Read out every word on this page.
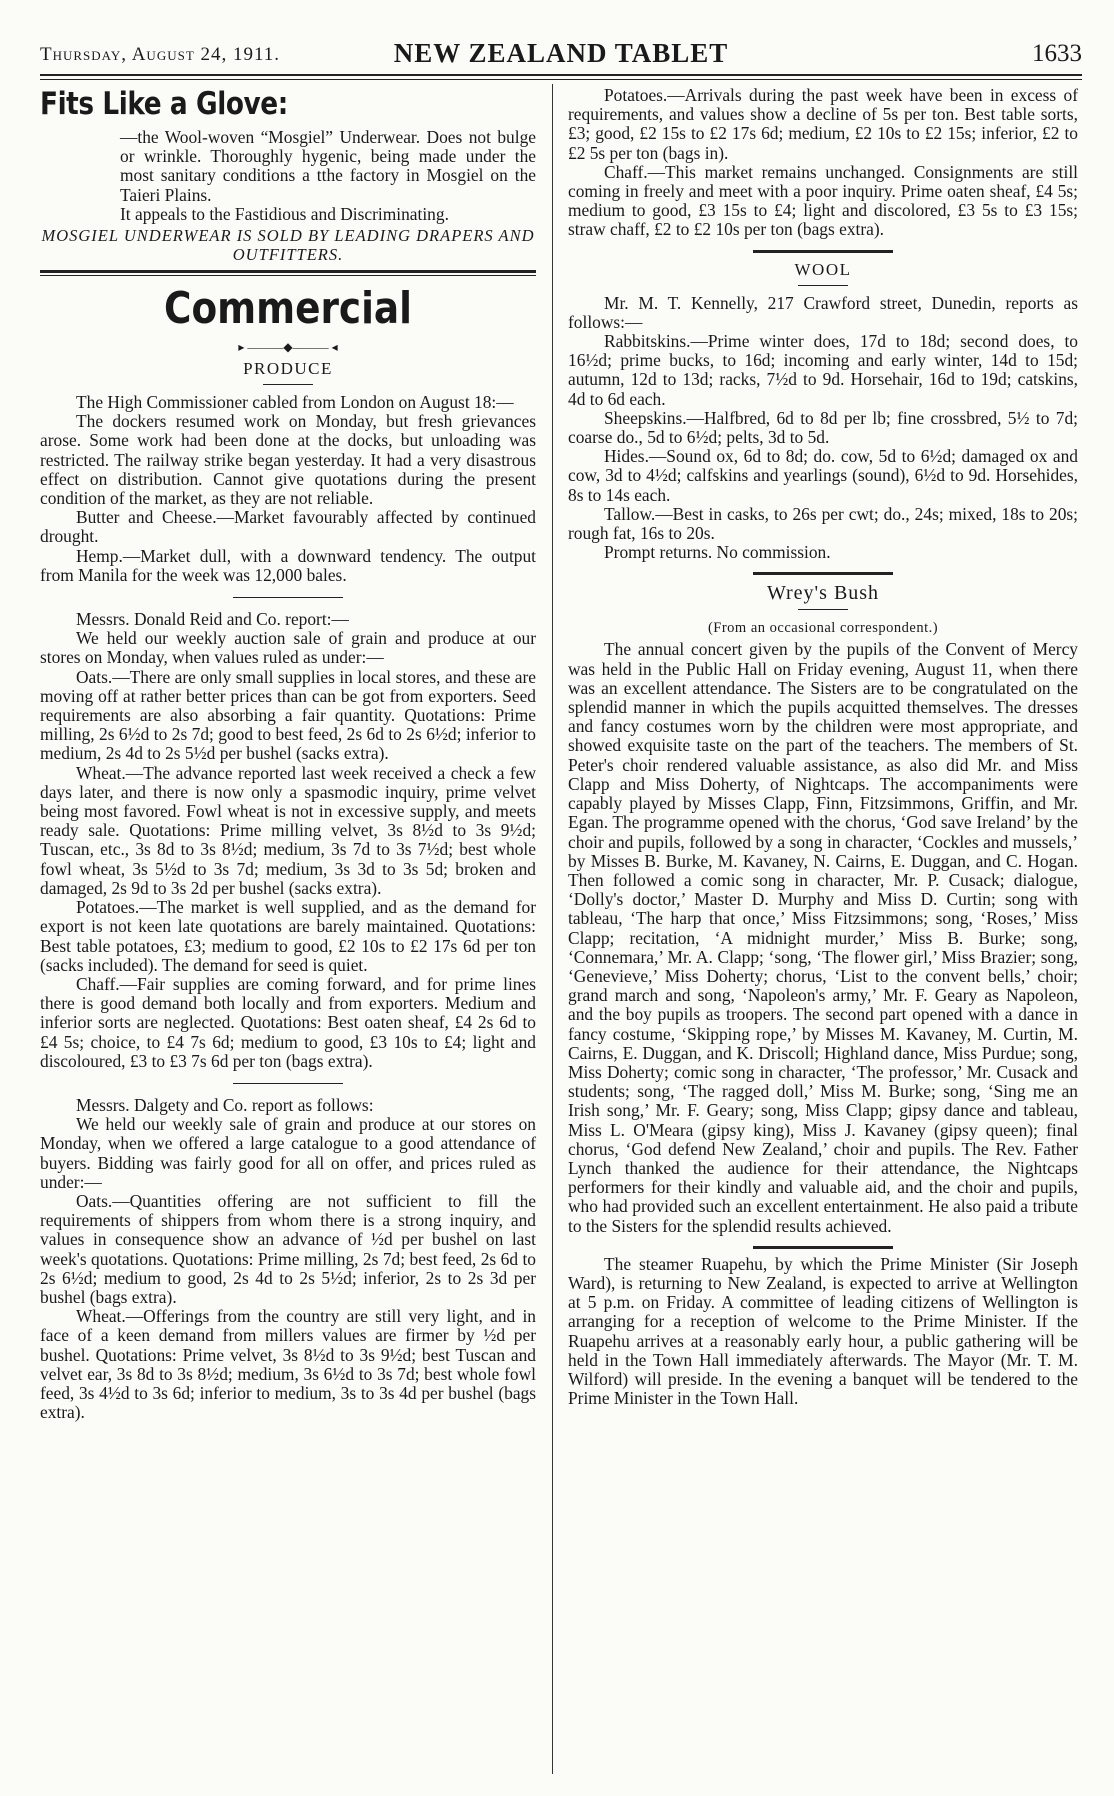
Thursday, August 24, 1911.	NEW ZEALAND TABLET	1633
Fits Like a Glove:

—the Wool-woven “Mosgiel” Underwear. Does not bulge or wrinkle. Thoroughly hygenic, being made under the most sanitary conditions a tthe factory in Mosgiel on the Taieri Plains.

It appeals to the Fastidious and Discriminating.

MOSGIEL UNDERWEAR IS SOLD BY LEADING DRAPERS AND OUTFITTERS.
Commercial
▸ ———◆——— ◂
PRODUCE

The High Commissioner cabled from London on August 18:—

The dockers resumed work on Monday, but fresh grievances arose. Some work had been done at the docks, but unloading was restricted. The railway strike began yesterday. It had a very disastrous effect on distribution. Cannot give quotations during the present condition of the market, as they are not reliable.

Butter and Cheese.—Market favourably affected by continued drought.

Hemp.—Market dull, with a downward tendency. The output from Manila for the week was 12,000 bales.

Messrs. Donald Reid and Co. report:—

We held our weekly auction sale of grain and produce at our stores on Monday, when values ruled as under:—

Oats.—There are only small supplies in local stores, and these are moving off at rather better prices than can be got from exporters. Seed requirements are also absorbing a fair quantity. Quotations: Prime milling, 2s 6½d to 2s 7d; good to best feed, 2s 6d to 2s 6½d; inferior to medium, 2s 4d to 2s 5½d per bushel (sacks extra).

Wheat.—The advance reported last week received a check a few days later, and there is now only a spasmodic inquiry, prime velvet being most favored. Fowl wheat is not in excessive supply, and meets ready sale. Quotations: Prime milling velvet, 3s 8½d to 3s 9½d; Tuscan, etc., 3s 8d to 3s 8½d; medium, 3s 7d to 3s 7½d; best whole fowl wheat, 3s 5½d to 3s 7d; medium, 3s 3d to 3s 5d; broken and damaged, 2s 9d to 3s 2d per bushel (sacks extra).

Potatoes.—The market is well supplied, and as the demand for export is not keen late quotations are barely maintained. Quotations: Best table potatoes, £3; medium to good, £2 10s to £2 17s 6d per ton (sacks included). The demand for seed is quiet.

Chaff.—Fair supplies are coming forward, and for prime lines there is good demand both locally and from exporters. Medium and inferior sorts are neglected. Quotations: Best oaten sheaf, £4 2s 6d to £4 5s; choice, to £4 7s 6d; medium to good, £3 10s to £4; light and discoloured, £3 to £3 7s 6d per ton (bags extra).

Messrs. Dalgety and Co. report as follows:

We held our weekly sale of grain and produce at our stores on Monday, when we offered a large catalogue to a good attendance of buyers. Bidding was fairly good for all on offer, and prices ruled as under:—

Oats.—Quantities offering are not sufficient to fill the requirements of shippers from whom there is a strong inquiry, and values in consequence show an advance of ½d per bushel on last week's quotations. Quotations: Prime milling, 2s 7d; best feed, 2s 6d to 2s 6½d; medium to good, 2s 4d to 2s 5½d; inferior, 2s to 2s 3d per bushel (bags extra).

Wheat.—Offerings from the country are still very light, and in face of a keen demand from millers values are firmer by ½d per bushel. Quotations: Prime velvet, 3s 8½d to 3s 9½d; best Tuscan and velvet ear, 3s 8d to 3s 8½d; medium, 3s 6½d to 3s 7d; best whole fowl feed, 3s 4½d to 3s 6d; inferior to medium, 3s to 3s 4d per bushel (bags extra).

Potatoes.—Arrivals during the past week have been in excess of requirements, and values show a decline of 5s per ton. Best table sorts, £3; good, £2 15s to £2 17s 6d; medium, £2 10s to £2 15s; inferior, £2 to £2 5s per ton (bags in).

Chaff.—This market remains unchanged. Consignments are still coming in freely and meet with a poor inquiry. Prime oaten sheaf, £4 5s; medium to good, £3 15s to £4; light and discolored, £3 5s to £3 15s; straw chaff, £2 to £2 10s per ton (bags extra).

WOOL

Mr. M. T. Kennelly, 217 Crawford street, Dunedin, reports as follows:—

Rabbitskins.—Prime winter does, 17d to 18d; second does, to 16½d; prime bucks, to 16d; incoming and early winter, 14d to 15d; autumn, 12d to 13d; racks, 7½d to 9d. Horsehair, 16d to 19d; catskins, 4d to 6d each.

Sheepskins.—Halfbred, 6d to 8d per lb; fine crossbred, 5½ to 7d; coarse do., 5d to 6½d; pelts, 3d to 5d.

Hides.—Sound ox, 6d to 8d; do. cow, 5d to 6½d; damaged ox and cow, 3d to 4½d; calfskins and yearlings (sound), 6½d to 9d. Horsehides, 8s to 14s each.

Tallow.—Best in casks, to 26s per cwt; do., 24s; mixed, 18s to 20s; rough fat, 16s to 20s.

Prompt returns. No commission.

Wrey's Bush
(From an occasional correspondent.)

The annual concert given by the pupils of the Convent of Mercy was held in the Public Hall on Friday evening, August 11, when there was an excellent attendance. The Sisters are to be congratulated on the splendid manner in which the pupils acquitted themselves. The dresses and fancy costumes worn by the children were most appropriate, and showed exquisite taste on the part of the teachers. The members of St. Peter's choir rendered valuable assistance, as also did Mr. and Miss Clapp and Miss Doherty, of Nightcaps. The accompaniments were capably played by Misses Clapp, Finn, Fitzsimmons, Griffin, and Mr. Egan. The programme opened with the chorus, ‘God save Ireland’ by the choir and pupils, followed by a song in character, ‘Cockles and mussels,’ by Misses B. Burke, M. Kavaney, N. Cairns, E. Duggan, and C. Hogan. Then followed a comic song in character, Mr. P. Cusack; dialogue, ‘Dolly's doctor,’ Master D. Murphy and Miss D. Curtin; song with tableau, ‘The harp that once,’ Miss Fitzsimmons; song, ‘Roses,’ Miss Clapp; recitation, ‘A midnight murder,’ Miss B. Burke; song, ‘Connemara,’ Mr. A. Clapp; ‘song, ‘The flower girl,’ Miss Brazier; song, ‘Genevieve,’ Miss Doherty; chorus, ‘List to the convent bells,’ choir; grand march and song, ‘Napoleon's army,’ Mr. F. Geary as Napoleon, and the boy pupils as troopers. The second part opened with a dance in fancy costume, ‘Skipping rope,’ by Misses M. Kavaney, M. Curtin, M. Cairns, E. Duggan, and K. Driscoll; Highland dance, Miss Purdue; song, Miss Doherty; comic song in character, ‘The professor,’ Mr. Cusack and students; song, ‘The ragged doll,’ Miss M. Burke; song, ‘Sing me an Irish song,’ Mr. F. Geary; song, Miss Clapp; gipsy dance and tableau, Miss L. O'Meara (gipsy king), Miss J. Kavaney (gipsy queen); final chorus, ‘God defend New Zealand,’ choir and pupils. The Rev. Father Lynch thanked the audience for their attendance, the Nightcaps performers for their kindly and valuable aid, and the choir and pupils, who had provided such an excellent entertainment. He also paid a tribute to the Sisters for the splendid results achieved.

The steamer Ruapehu, by which the Prime Minister (Sir Joseph Ward), is returning to New Zealand, is expected to arrive at Wellington at 5 p.m. on Friday. A committee of leading citizens of Wellington is arranging for a reception of welcome to the Prime Minister. If the Ruapehu arrives at a reasonably early hour, a public gathering will be held in the Town Hall immediately afterwards. The Mayor (Mr. T. M. Wilford) will preside. In the evening a banquet will be tendered to the Prime Minister in the Town Hall.
